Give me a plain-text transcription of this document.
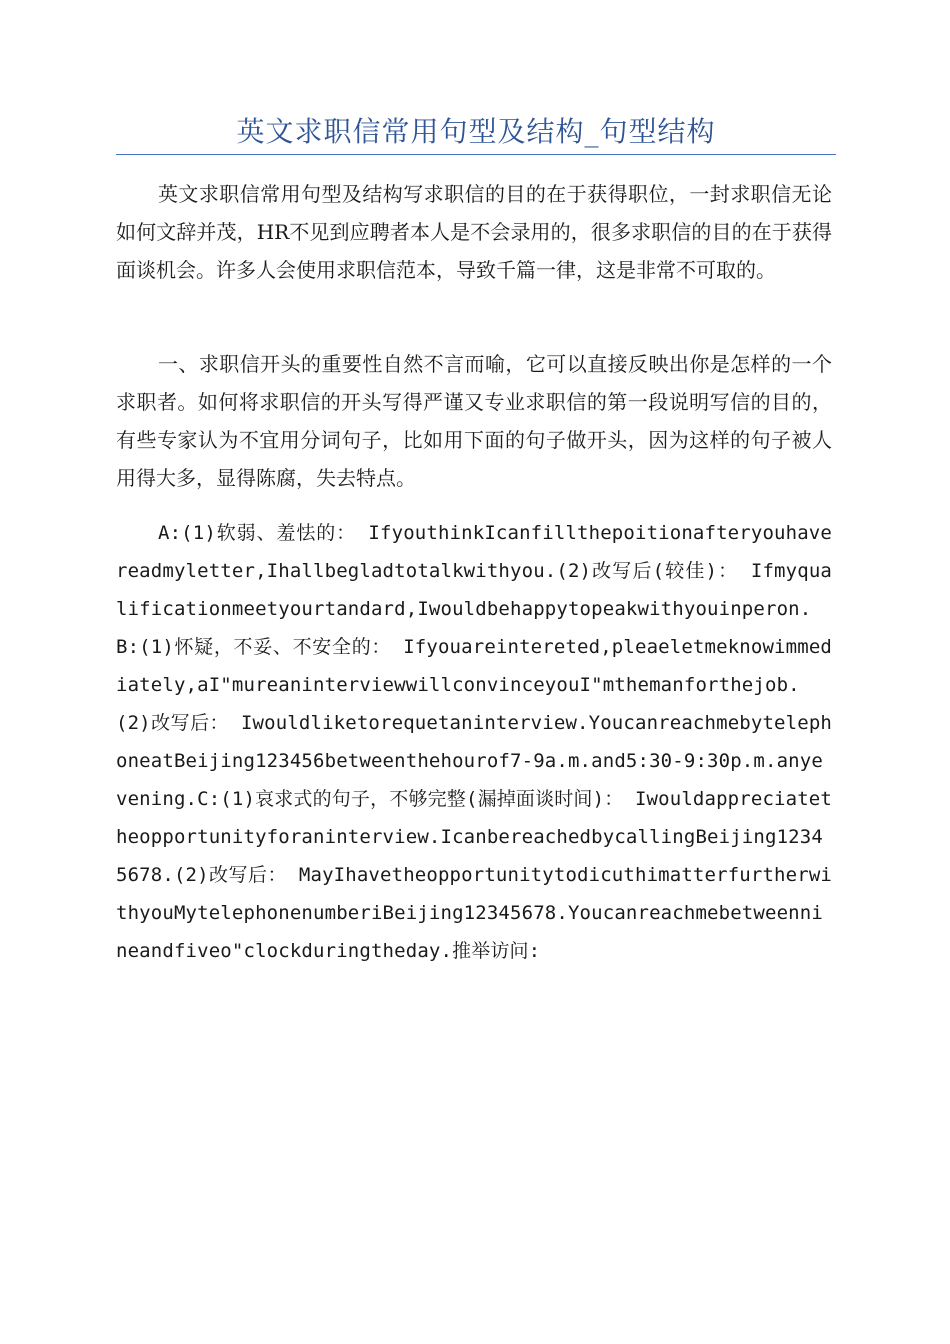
英文求职信常用句型及结构_句型结构

英文求职信常用句型及结构写求职信的目的在于获得职位，一封求职信无论如何文辞并茂，HR不见到应聘者本人是不会录用的，很多求职信的目的在于获得面谈机会。许多人会使用求职信范本，导致千篇一律，这是非常不可取的。

一、求职信开头的重要性自然不言而喻，它可以直接反映出你是怎样的一个求职者。如何将求职信的开头写得严谨又专业求职信的第一段说明写信的目的，有些专家认为不宜用分词句子，比如用下面的句子做开头，因为这样的句子被人用得大多，显得陈腐，失去特点。

A:(1)软弱、羞怯的： IfyouthinkIcanfillthepoitionafteryouhavereadmyletter,Ihallbegladtotalkwithyou.(2)改写后(较佳)： Ifmyqualificationmeetyourtandard,Iwouldbehappytopeakwithyouinperon.B:(1)怀疑，不妥、不安全的： Ifyouareintereted,pleaeletmeknowimmediately,aI"mureaninterviewwillconvinceyouI"mthemanforthejob.(2)改写后： Iwouldliketorequetaninterview.YoucanreachmebytelephoneatBeijing123456betweenthehourof7-9a.m.and5:30-9:30p.m.anyevening.C:(1)哀求式的句子，不够完整(漏掉面谈时间)： Iwouldappreciatetheopportunityforaninterview.IcanbereachedbycallingBeijing12345678.(2)改写后： MayIhavetheopportunitytodicuthimatterfurtherwithyouMytelephonenumberiBeijing12345678.Youcanreachmebetweennineandfiveo"clockduringtheday.推举访问:
